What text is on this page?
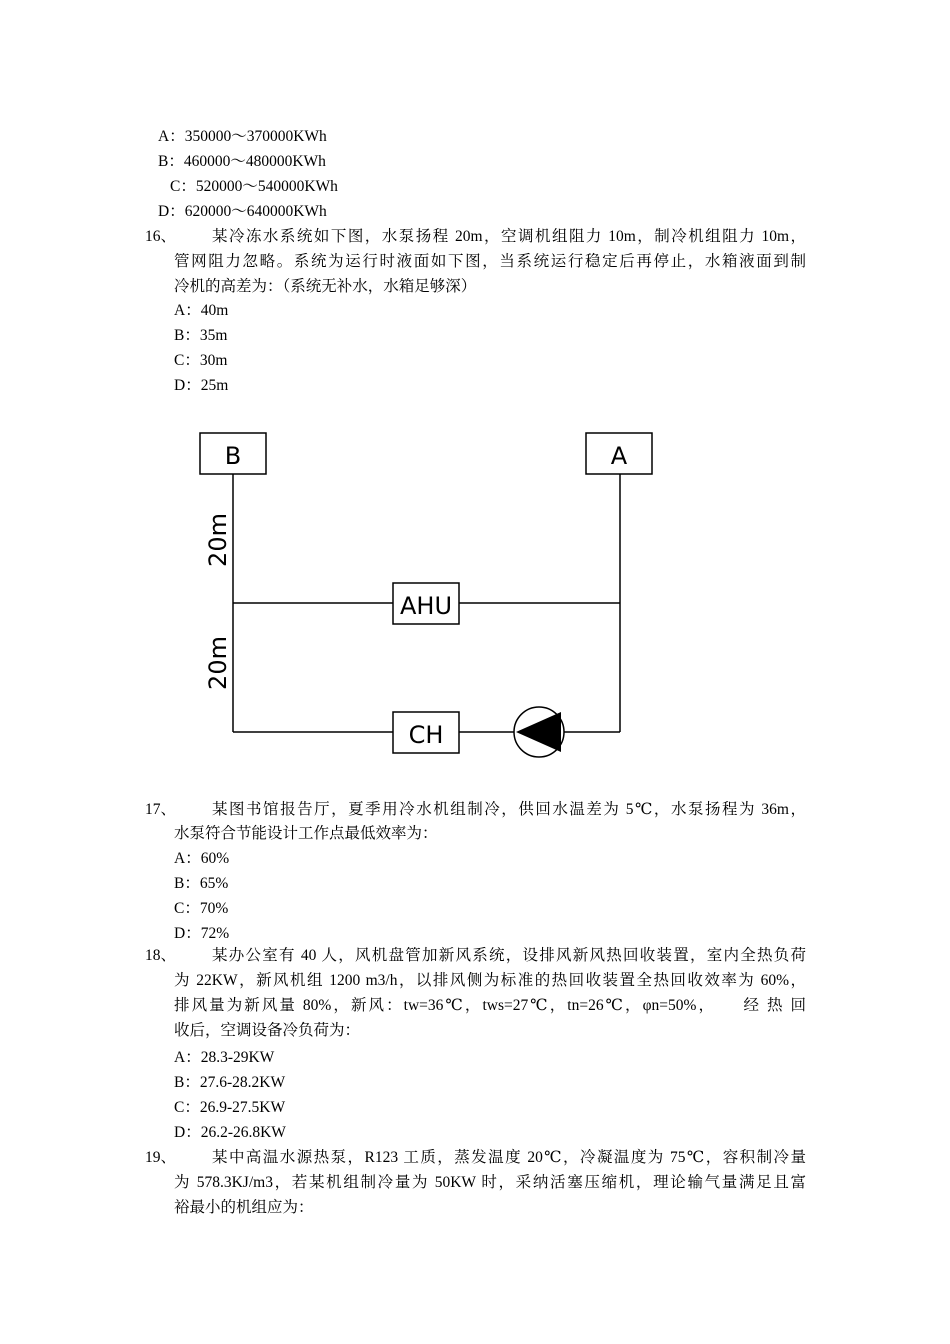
A：350000～370000KWh
B：460000～480000KWh
C：520000～540000KWh
D：620000～640000KWh
16、 某冷冻水系统如下图，水泵扬程 20m，空调机组阻力 10m，制冷机组阻力 10m，
管网阻力忽略。系统为运行时液面如下图，当系统运行稳定后再停止，水箱液面到制
冷机的高差为：（系统无补水，水箱足够深）
A：40m
B：35m
C：30m
D：25m
B	A
AHU
CH
20m
20m
17、 某图书馆报告厅，夏季用冷水机组制冷，供回水温差为 5℃，水泵扬程为 36m，
水泵符合节能设计工作点最低效率为：
A：60%
B：65%
C：70%
D：72%
18、 某办公室有 40 人，风机盘管加新风系统，设排风新风热回收装置，室内全热负荷
为 22KW，新风机组 1200 m3/h，以排风侧为标准的热回收装置全热回收效率为 60%，
排风量为新风量 80%，新风：tw=36℃，tws=27℃，tn=26℃，φn=50%，　　经 热 回
收后，空调设备冷负荷为：
A：28.3-29KW
B：27.6-28.2KW
C：26.9-27.5KW
D：26.2-26.8KW
19、 某中高温水源热泵，R123 工质，蒸发温度 20℃，冷凝温度为 75℃，容积制冷量
为 578.3KJ/m3，若某机组制冷量为 50KW 时，采纳活塞压缩机，理论输气量满足且富
裕最小的机组应为：
